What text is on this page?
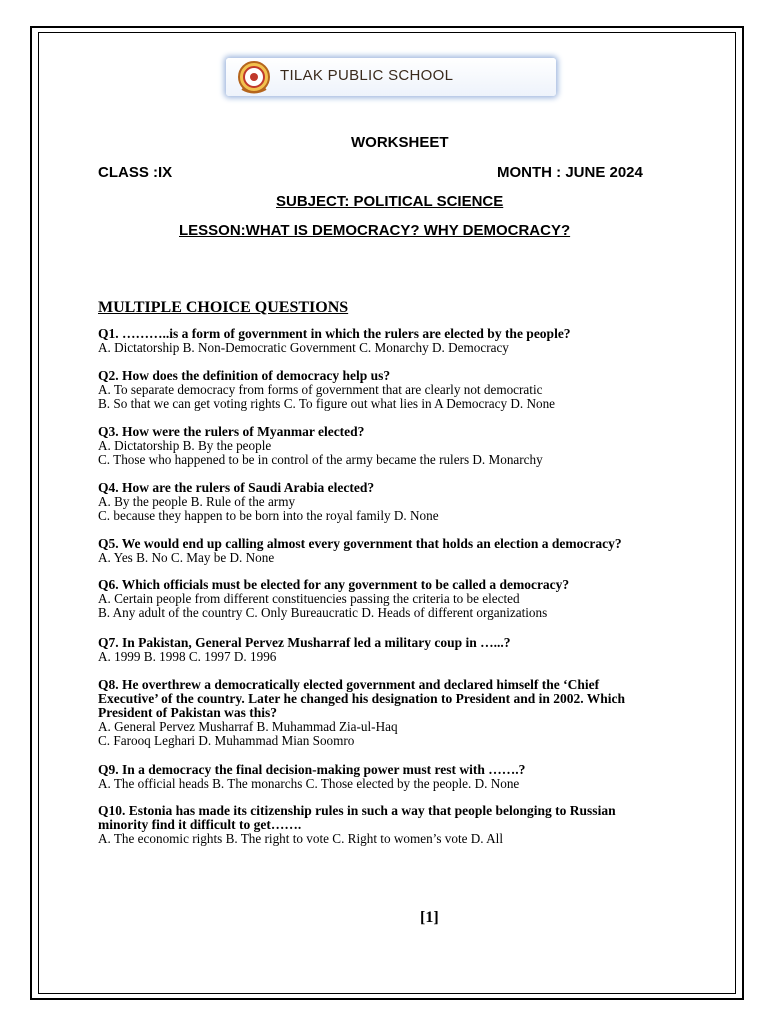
TILAK PUBLIC SCHOOL
WORKSHEET
CLASS :IX	MONTH : JUNE 2024
SUBJECT: POLITICAL SCIENCE
LESSON:WHAT IS DEMOCRACY? WHY DEMOCRACY?
MULTIPLE CHOICE QUESTIONS
Q1. ………..is a form of government in which the rulers are elected by the people?
A. Dictatorship B. Non-Democratic Government C. Monarchy D. Democracy
Q2. How does the definition of democracy help us?
A. To separate democracy from forms of government that are clearly not democratic
B. So that we can get voting rights C. To figure out what lies in A Democracy D. None
Q3. How were the rulers of Myanmar elected?
A. Dictatorship B. By the people
C. Those who happened to be in control of the army became the rulers D. Monarchy
Q4. How are the rulers of Saudi Arabia elected?
A. By the people B. Rule of the army
C. because they happen to be born into the royal family D. None
Q5. We would end up calling almost every government that holds an election a democracy?
A. Yes B. No C. May be D. None
Q6. Which officials must be elected for any government to be called a democracy?
A. Certain people from different constituencies passing the criteria to be elected
B. Any adult of the country C. Only Bureaucratic D. Heads of different organizations
Q7. In Pakistan, General Pervez Musharraf led a military coup in …...?
A. 1999 B. 1998 C. 1997 D. 1996
Q8. He overthrew a democratically elected government and declared himself the ‘Chief
Executive’ of the country. Later he changed his designation to President and in 2002. Which
President of Pakistan was this?
A. General Pervez Musharraf B. Muhammad Zia-ul-Haq
C. Farooq Leghari D. Muhammad Mian Soomro
Q9. In a democracy the final decision-making power must rest with …….?
A. The official heads B. The monarchs C. Those elected by the people. D. None
Q10. Estonia has made its citizenship rules in such a way that people belonging to Russian
minority find it difficult to get…….
A. The economic rights B. The right to vote C. Right to women’s vote D. All
[1]
